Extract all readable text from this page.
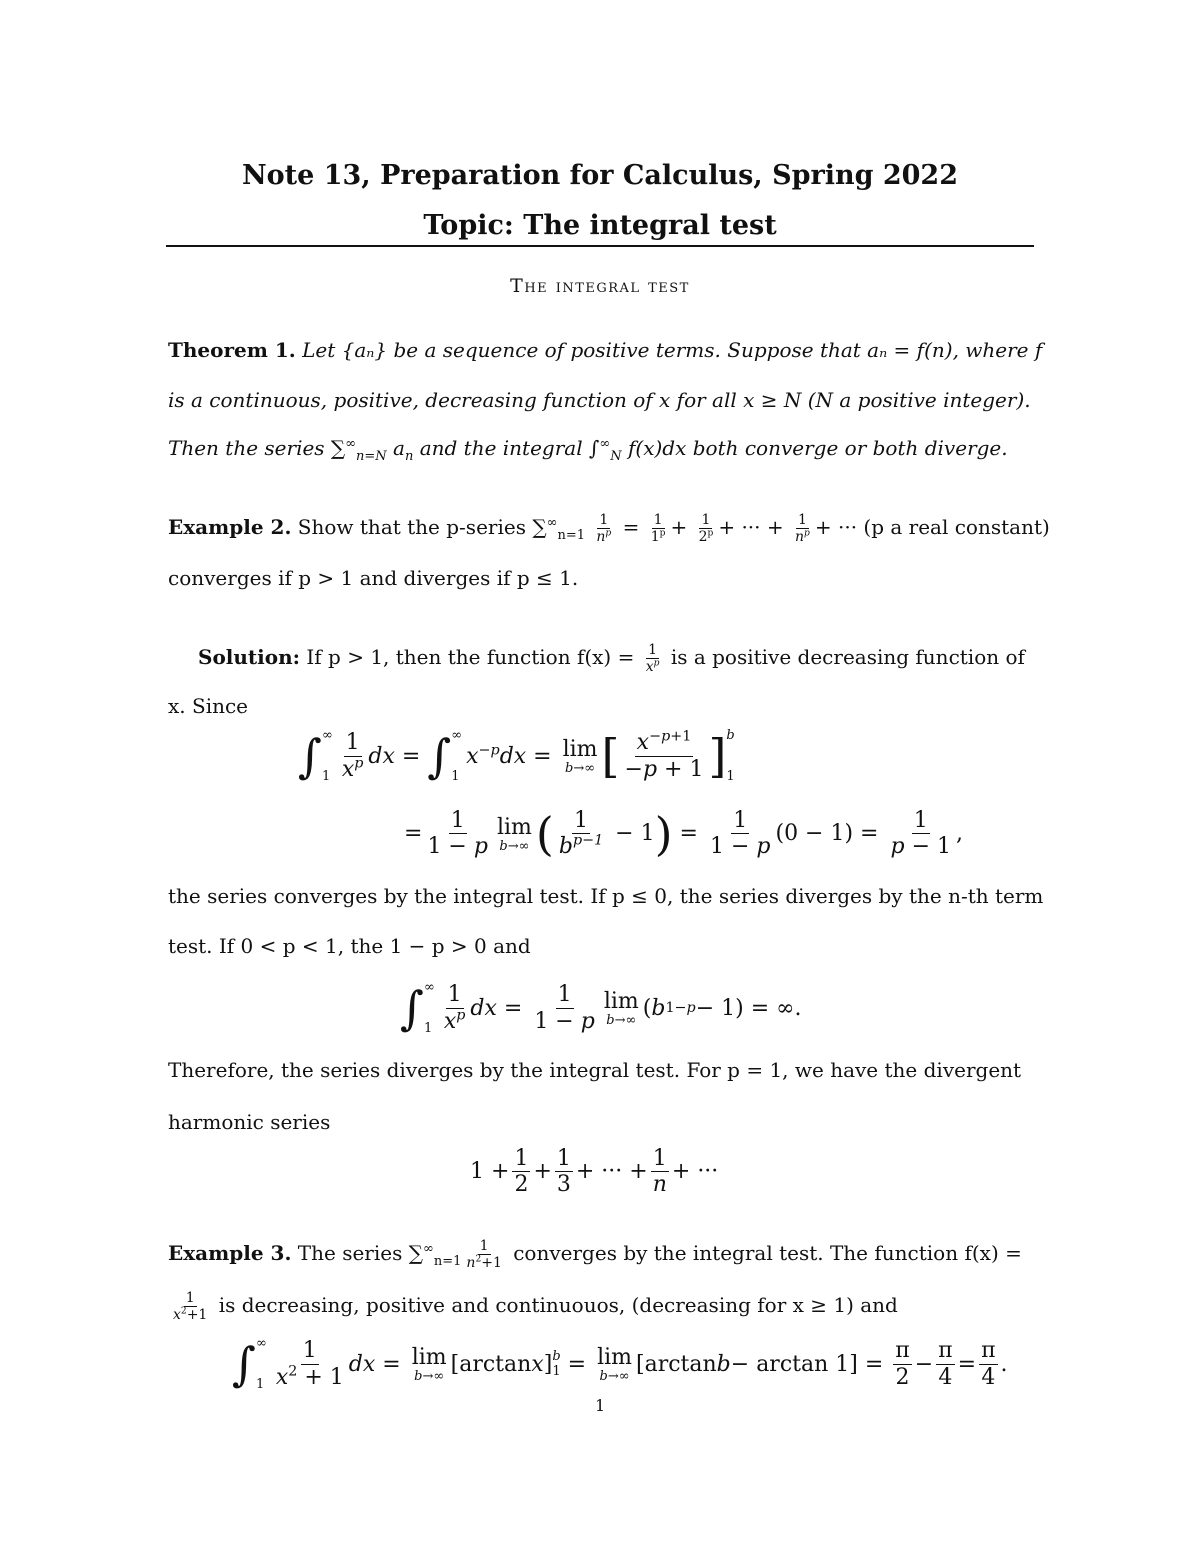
Note 13, Preparation for Calculus, Spring 2022
Topic: The integral test
The integral test
Theorem 1. Let {aₙ} be a sequence of positive terms. Suppose that aₙ = f(n), where f
is a continuous, positive, decreasing function of x for all x ≥ N (N a positive integer).
Then the series $\sum^\infty_{n=N}$ $a_n$ and the integral $\int^\infty_N$ f(x)dx both converge or both diverge.
Example 2. Show that the p-series $\sum^\infty_{n=1} \frac{1}{n^p} = \frac{1}{1^p} + \frac{1}{2^p}$ + ··· + $\frac{1}{n^p}$ + ··· (p a real constant)
converges if p > 1 and diverges if p ≤ 1.
Solution: If p > 1, then the function $f(x) = \frac{1}{x^p}$ is a positive decreasing function of
x. Since
∫ ∞
$1 \frac{1}{x^p}$ dx = ∫ ∞
1
$x^{-p}dx = \lim$
b→∞ [ $\frac{x^{-p+1}}{-p + 1}$ ] b
1
= $\frac{1}{1 - p}$ lim
b→∞ ( $\frac{1}{b^{p-1}} - 1$ ) = $\frac{1}{1 - p} (0 - 1) = \frac{1}{p - 1}$ ,
the series converges by the integral test. If p ≤ 0, the series diverges by the n-th term
test. If 0 < p < 1, the 1 − p > 0 and
∫ ∞
$1 \frac{1}{x^p}$ dx = $\frac{1}{1 - p}$ lim
b→∞ ( b 1−p − 1) = ∞.
Therefore, the series diverges by the integral test. For p = 1, we have the divergent
harmonic series
$1 + \frac{1}{2} + \frac{1}{3}$ + ··· + $\frac{1}{n}$ + ···
Example 3. The series $\sum^\infty_{n=1} \frac{1}{n^2+1}$ converges by the integral test. The function f(x) =
$\frac{1}{x^2+1}$ is decreasing, positive and continuouos, (decreasing for x ≥ 1) and
∫ ∞
$1 \frac{1}{x^2 + 1}$ dx = lim
b→∞ [arctan x ] b
1 = lim
b→∞ [arctan $b - \arctan 1] = \frac{\pi}{2} - \frac{\pi}{4} = \frac{\pi}{4}$ .
1
